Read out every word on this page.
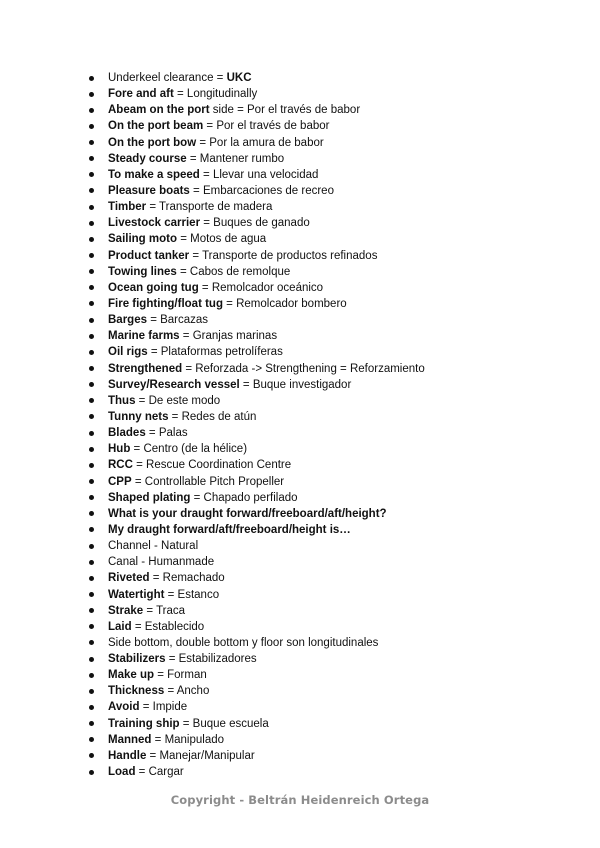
Underkeel clearance = UKC
Fore and aft = Longitudinally
Abeam on the port side = Por el través de babor
On the port beam = Por el través de babor
On the port bow = Por la amura de babor
Steady course = Mantener rumbo
To make a speed = Llevar una velocidad
Pleasure boats = Embarcaciones de recreo
Timber = Transporte de madera
Livestock carrier = Buques de ganado
Sailing moto = Motos de agua
Product tanker = Transporte de productos refinados
Towing lines = Cabos de remolque
Ocean going tug = Remolcador oceánico
Fire fighting/float tug = Remolcador bombero
Barges = Barcazas
Marine farms = Granjas marinas
Oil rigs = Plataformas petrolíferas
Strengthened = Reforzada -> Strengthening = Reforzamiento
Survey/Research vessel = Buque investigador
Thus = De este modo
Tunny nets = Redes de atún
Blades = Palas
Hub = Centro (de la hélice)
RCC = Rescue Coordination Centre
CPP = Controllable Pitch Propeller
Shaped plating = Chapado perfilado
What is your draught forward/freeboard/aft/height?
My draught forward/aft/freeboard/height is…
Channel - Natural
Canal - Humanmade
Riveted = Remachado
Watertight = Estanco
Strake = Traca
Laid = Establecido
Side bottom, double bottom y floor son longitudinales
Stabilizers = Estabilizadores
Make up = Forman
Thickness = Ancho
Avoid = Impide
Training ship = Buque escuela
Manned = Manipulado
Handle = Manejar/Manipular
Load = Cargar
Copyright - Beltrán Heidenreich Ortega
